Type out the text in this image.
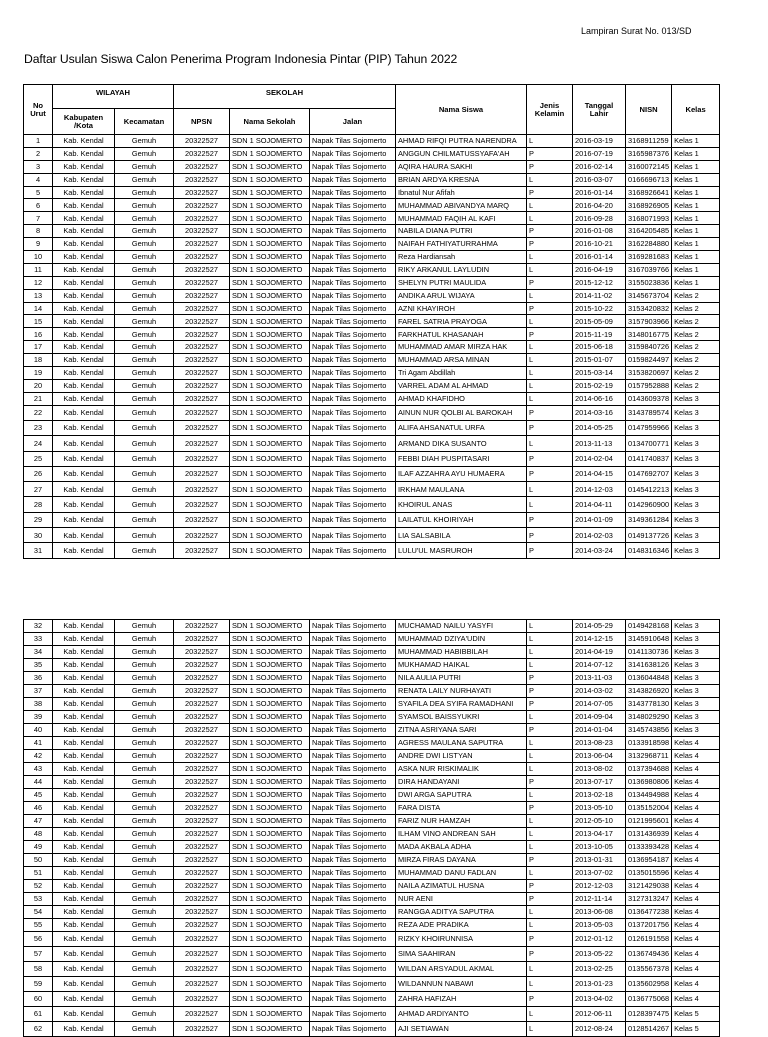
Lampiran Surat No. 013/SD
Daftar Usulan Siswa Calon Penerima Program Indonesia Pintar (PIP) Tahun 2022
No Urut	WILAYAH		SEKOLAH			Nama Siswa	Jenis Kelamin	Tanggal Lahir	NISN	Kelas
	Kabupaten /Kota	Kecamatan	NPSN	Nama Sekolah	Jalan					
1	Kab. Kendal	Gemuh	20322527	SDN 1 SOJOMERTO	Napak Tilas Sojomerto	AHMAD RIFQI PUTRA NARENDRA	L	2016-03-19	3168911259	Kelas 1
2	Kab. Kendal	Gemuh	20322527	SDN 1 SOJOMERTO	Napak Tilas Sojomerto	ANGGUN CHILMATUSSYAFA'AH	P	2016-07-19	3165987376	Kelas 1
3	Kab. Kendal	Gemuh	20322527	SDN 1 SOJOMERTO	Napak Tilas Sojomerto	AQIRA HAURA SAKHI	P	2016-02-14	3160072145	Kelas 1
4	Kab. Kendal	Gemuh	20322527	SDN 1 SOJOMERTO	Napak Tilas Sojomerto	BRIAN ARDYA KRESNA	L	2016-03-07	0166696713	Kelas 1
5	Kab. Kendal	Gemuh	20322527	SDN 1 SOJOMERTO	Napak Tilas Sojomerto	Ibnatul Nur Afifah	P	2016-01-14	3168926641	Kelas 1
6	Kab. Kendal	Gemuh	20322527	SDN 1 SOJOMERTO	Napak Tilas Sojomerto	MUHAMMAD ABIVANDYA MARQ	L	2016-04-20	3168926905	Kelas 1
7	Kab. Kendal	Gemuh	20322527	SDN 1 SOJOMERTO	Napak Tilas Sojomerto	MUHAMMAD FAQIH AL KAFI	L	2016-09-28	3168071993	Kelas 1
8	Kab. Kendal	Gemuh	20322527	SDN 1 SOJOMERTO	Napak Tilas Sojomerto	NABILA DIANA PUTRI	P	2016-01-08	3164205485	Kelas 1
9	Kab. Kendal	Gemuh	20322527	SDN 1 SOJOMERTO	Napak Tilas Sojomerto	NAIFAH FATHIYATURRAHMA	P	2016-10-21	3162284880	Kelas 1
10	Kab. Kendal	Gemuh	20322527	SDN 1 SOJOMERTO	Napak Tilas Sojomerto	Reza Hardiansah	L	2016-01-14	3169281683	Kelas 1
11	Kab. Kendal	Gemuh	20322527	SDN 1 SOJOMERTO	Napak Tilas Sojomerto	RIKY ARKANUL LAYLUDIN	L	2016-04-19	3167039766	Kelas 1
12	Kab. Kendal	Gemuh	20322527	SDN 1 SOJOMERTO	Napak Tilas Sojomerto	SHELYN PUTRI MAULIDA	P	2015-12-12	3155023836	Kelas 1
13	Kab. Kendal	Gemuh	20322527	SDN 1 SOJOMERTO	Napak Tilas Sojomerto	ANDIKA ARUL WIJAYA	L	2014-11-02	3145673704	Kelas 2
14	Kab. Kendal	Gemuh	20322527	SDN 1 SOJOMERTO	Napak Tilas Sojomerto	AZNI KHAYIROH	P	2015-10-22	3153420832	Kelas 2
15	Kab. Kendal	Gemuh	20322527	SDN 1 SOJOMERTO	Napak Tilas Sojomerto	FAREL SATRIA PRAYOGA	L	2015-05-09	3157903966	Kelas 2
16	Kab. Kendal	Gemuh	20322527	SDN 1 SOJOMERTO	Napak Tilas Sojomerto	FARKHATUL KHASANAH	P	2015-11-19	3148016775	Kelas 2
17	Kab. Kendal	Gemuh	20322527	SDN 1 SOJOMERTO	Napak Tilas Sojomerto	MUHAMMAD AMAR MIRZA HAK	L	2015-06-18	3159840726	Kelas 2
18	Kab. Kendal	Gemuh	20322527	SDN 1 SOJOMERTO	Napak Tilas Sojomerto	MUHAMMAD ARSA MINAN	L	2015-01-07	0159824497	Kelas 2
19	Kab. Kendal	Gemuh	20322527	SDN 1 SOJOMERTO	Napak Tilas Sojomerto	Tri Agam Abdillah	L	2015-03-14	3153820697	Kelas 2
20	Kab. Kendal	Gemuh	20322527	SDN 1 SOJOMERTO	Napak Tilas Sojomerto	VARREL ADAM AL AHMAD	L	2015-02-19	0157952888	Kelas 2
21	Kab. Kendal	Gemuh	20322527	SDN 1 SOJOMERTO	Napak Tilas Sojomerto	AHMAD KHAFIDHO	L	2014-06-16	0143609378	Kelas 3
22	Kab. Kendal	Gemuh	20322527	SDN 1 SOJOMERTO	Napak Tilas Sojomerto	AINUN NUR QOLBI AL BAROKAH	P	2014-03-16	3143789574	Kelas 3
23	Kab. Kendal	Gemuh	20322527	SDN 1 SOJOMERTO	Napak Tilas Sojomerto	ALIFA AHSANATUL URFA	P	2014-05-25	0147959966	Kelas 3
24	Kab. Kendal	Gemuh	20322527	SDN 1 SOJOMERTO	Napak Tilas Sojomerto	ARMAND DIKA SUSANTO	L	2013-11-13	0134700771	Kelas 3
25	Kab. Kendal	Gemuh	20322527	SDN 1 SOJOMERTO	Napak Tilas Sojomerto	FEBBI DIAH PUSPITASARI	P	2014-02-04	0141740837	Kelas 3
26	Kab. Kendal	Gemuh	20322527	SDN 1 SOJOMERTO	Napak Tilas Sojomerto	ILAF AZZAHRA AYU HUMAERA	P	2014-04-15	0147692707	Kelas 3
27	Kab. Kendal	Gemuh	20322527	SDN 1 SOJOMERTO	Napak Tilas Sojomerto	IRKHAM MAULANA	L	2014-12-03	0145412213	Kelas 3
28	Kab. Kendal	Gemuh	20322527	SDN 1 SOJOMERTO	Napak Tilas Sojomerto	KHOIRUL ANAS	L	2014-04-11	0142960900	Kelas 3
29	Kab. Kendal	Gemuh	20322527	SDN 1 SOJOMERTO	Napak Tilas Sojomerto	LAILATUL KHOIRIYAH	P	2014-01-09	3149361284	Kelas 3
30	Kab. Kendal	Gemuh	20322527	SDN 1 SOJOMERTO	Napak Tilas Sojomerto	LIA SALSABILA	P	2014-02-03	0149137726	Kelas 3
31	Kab. Kendal	Gemuh	20322527	SDN 1 SOJOMERTO	Napak Tilas Sojomerto	LULU'UL MASRUROH	P	2014-03-24	0148316346	Kelas 3
32	Kab. Kendal	Gemuh	20322527	SDN 1 SOJOMERTO	Napak Tilas Sojomerto	MUCHAMAD NAILU YASYFI	L	2014-05-29	0149428168	Kelas 3
33	Kab. Kendal	Gemuh	20322527	SDN 1 SOJOMERTO	Napak Tilas Sojomerto	MUHAMMAD DZIYA'UDIN	L	2014-12-15	3145910648	Kelas 3
34	Kab. Kendal	Gemuh	20322527	SDN 1 SOJOMERTO	Napak Tilas Sojomerto	MUHAMMAD HABIBBILAH	L	2014-04-19	0141130736	Kelas 3
35	Kab. Kendal	Gemuh	20322527	SDN 1 SOJOMERTO	Napak Tilas Sojomerto	MUKHAMAD HAIKAL	L	2014-07-12	3141638126	Kelas 3
36	Kab. Kendal	Gemuh	20322527	SDN 1 SOJOMERTO	Napak Tilas Sojomerto	NILA AULIA PUTRI	P	2013-11-03	0136044848	Kelas 3
37	Kab. Kendal	Gemuh	20322527	SDN 1 SOJOMERTO	Napak Tilas Sojomerto	RENATA LAILY NURHAYATI	P	2014-03-02	3143826920	Kelas 3
38	Kab. Kendal	Gemuh	20322527	SDN 1 SOJOMERTO	Napak Tilas Sojomerto	SYAFILA DEA SYIFA RAMADHANI	P	2014-07-05	3143778130	Kelas 3
39	Kab. Kendal	Gemuh	20322527	SDN 1 SOJOMERTO	Napak Tilas Sojomerto	SYAMSOL BAISSYUKRI	L	2014-09-04	3148029290	Kelas 3
40	Kab. Kendal	Gemuh	20322527	SDN 1 SOJOMERTO	Napak Tilas Sojomerto	ZITNA ASRIYANA SARI	P	2014-01-04	3145743856	Kelas 3
41	Kab. Kendal	Gemuh	20322527	SDN 1 SOJOMERTO	Napak Tilas Sojomerto	AGRESS MAULANA SAPUTRA	L	2013-08-23	0133918598	Kelas 4
42	Kab. Kendal	Gemuh	20322527	SDN 1 SOJOMERTO	Napak Tilas Sojomerto	ANDRE DWI LISTYAN	L	2013-06-04	3132968711	Kelas 4
43	Kab. Kendal	Gemuh	20322527	SDN 1 SOJOMERTO	Napak Tilas Sojomerto	ASKA NUR RISKIMALIK	L	2013-08-02	0137394688	Kelas 4
44	Kab. Kendal	Gemuh	20322527	SDN 1 SOJOMERTO	Napak Tilas Sojomerto	DIRA HANDAYANI	P	2013-07-17	0136980806	Kelas 4
45	Kab. Kendal	Gemuh	20322527	SDN 1 SOJOMERTO	Napak Tilas Sojomerto	DWI ARGA SAPUTRA	L	2013-02-18	0134494988	Kelas 4
46	Kab. Kendal	Gemuh	20322527	SDN 1 SOJOMERTO	Napak Tilas Sojomerto	FARA DISTA	P	2013-05-10	0135152004	Kelas 4
47	Kab. Kendal	Gemuh	20322527	SDN 1 SOJOMERTO	Napak Tilas Sojomerto	FARIZ NUR HAMZAH	L	2012-05-10	0121995601	Kelas 4
48	Kab. Kendal	Gemuh	20322527	SDN 1 SOJOMERTO	Napak Tilas Sojomerto	ILHAM VINO ANDREAN SAH	L	2013-04-17	0131436939	Kelas 4
49	Kab. Kendal	Gemuh	20322527	SDN 1 SOJOMERTO	Napak Tilas Sojomerto	MADA AKBALA ADHA	L	2013-10-05	0133393428	Kelas 4
50	Kab. Kendal	Gemuh	20322527	SDN 1 SOJOMERTO	Napak Tilas Sojomerto	MIRZA FIRAS DAYANA	P	2013-01-31	0136954187	Kelas 4
51	Kab. Kendal	Gemuh	20322527	SDN 1 SOJOMERTO	Napak Tilas Sojomerto	MUHAMMAD DANU FADLAN	L	2013-07-02	0135015596	Kelas 4
52	Kab. Kendal	Gemuh	20322527	SDN 1 SOJOMERTO	Napak Tilas Sojomerto	NAILA AZIMATUL HUSNA	P	2012-12-03	3121429038	Kelas 4
53	Kab. Kendal	Gemuh	20322527	SDN 1 SOJOMERTO	Napak Tilas Sojomerto	NUR AENI	P	2012-11-14	3127313247	Kelas 4
54	Kab. Kendal	Gemuh	20322527	SDN 1 SOJOMERTO	Napak Tilas Sojomerto	RANGGA ADITYA SAPUTRA	L	2013-06-08	0136477238	Kelas 4
55	Kab. Kendal	Gemuh	20322527	SDN 1 SOJOMERTO	Napak Tilas Sojomerto	REZA ADE PRADIKA	L	2013-05-03	0137201756	Kelas 4
56	Kab. Kendal	Gemuh	20322527	SDN 1 SOJOMERTO	Napak Tilas Sojomerto	RIZKY KHOIRUNNISA	P	2012-01-12	0126191558	Kelas 4
57	Kab. Kendal	Gemuh	20322527	SDN 1 SOJOMERTO	Napak Tilas Sojomerto	SIMA SAAHIRAN	P	2013-05-22	0136749436	Kelas 4
58	Kab. Kendal	Gemuh	20322527	SDN 1 SOJOMERTO	Napak Tilas Sojomerto	WILDAN ARSYADUL AKMAL	L	2013-02-25	0135567378	Kelas 4
59	Kab. Kendal	Gemuh	20322527	SDN 1 SOJOMERTO	Napak Tilas Sojomerto	WILDANNUN NABAWI	L	2013-01-23	0135602958	Kelas 4
60	Kab. Kendal	Gemuh	20322527	SDN 1 SOJOMERTO	Napak Tilas Sojomerto	ZAHRA HAFIZAH	P	2013-04-02	0136775068	Kelas 4
61	Kab. Kendal	Gemuh	20322527	SDN 1 SOJOMERTO	Napak Tilas Sojomerto	AHMAD ARDIYANTO	L	2012-06-11	0128397475	Kelas 5
62	Kab. Kendal	Gemuh	20322527	SDN 1 SOJOMERTO	Napak Tilas Sojomerto	AJI SETIAWAN	L	2012-08-24	0128514267	Kelas 5
